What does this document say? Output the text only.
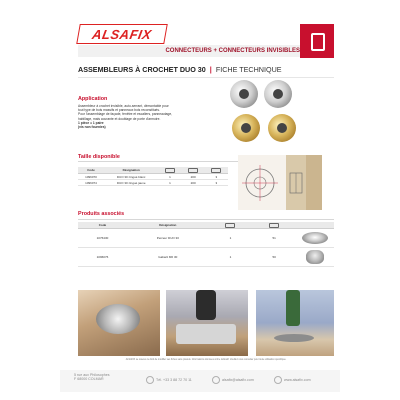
ALSAFIX
CONNECTEURS + CONNECTEURS INVISIBLES
ASSEMBLEURS À CROCHET DUO 30 | FICHE TECHNIQUE
Application
Assembleur à crochet invisible, auto-serrant, démontable pour
tout type de bois massifs et panneaux bois reconstitués.
Pour l'assemblage de façade, fenêtre et escaliers, panneautage,
habillage, mais courante et doublage de porte d'armoire.
1 pièce = 1 paire
(vis non fournies)
Taille disponible
Code	Désignation			
1096070	DUO 30 zingué blanc	1	200	3
1096074	DUO 30 zingué jaune	1	200	3
Produits associés
Code	Désignation			
1076430	Perceur DUO 30	1	51	
1096076	Gabarit M6 30	1	50	
ALSAFIX se réserve le droit de modifier ses fiches sans préavis. Informations données à titre indicatif. Veuillez nous consulter pour toute utilisation spécifique.
5 rue aux Philosophes
F 68000 COLMAR	Tél. +33 3 88 72 70 11	alsafix@alsafix.com	www.alsafix.com
